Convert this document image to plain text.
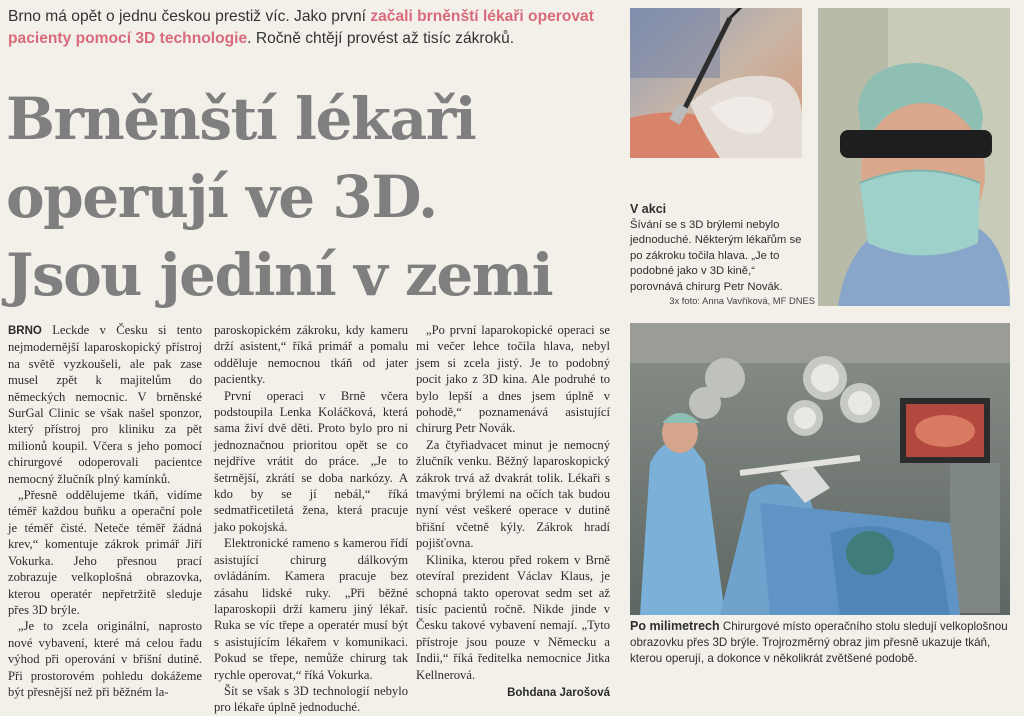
Brno má opět o jednu českou prestiž víc. Jako první začali brněnští lékaři operovat pacienty pomocí 3D technologie. Ročně chtějí provést až tisíc zákroků.
Brněnští lékaři
operují ve 3D.
Jsou jediní v zemi

BRNO Leckde v Česku si tento nejmodernější laparoskopický přístroj na světě vyzkoušeli, ale pak zase musel zpět k majitelům do německých nemocnic. V brněnské SurGal Clinic se však našel sponzor, který přístroj pro kliniku za pět milionů koupil. Včera s jeho pomocí chirurgové odoperovali pacientce nemocný žlučník plný kamínků.

„Přesně oddělujeme tkáň, vidíme téměř každou buňku a operační pole je téměř čisté. Neteče téměř žádná krev,“ komentuje zákrok primář Jiří Vokurka. Jeho přesnou prací zobrazuje velkoplošná obrazovka, kterou operatér nepřetržitě sleduje přes 3D brýle.

„Je to zcela originální, naprosto nové vybavení, které má celou řadu výhod při operování v břišní dutině. Při prostorovém pohledu dokážeme být přesnější než při běžném la-

paroskopickém zákroku, kdy kameru drží asistent,“ říká primář a pomalu odděluje nemocnou tkáň od jater pacientky.

První operaci v Brně včera podstoupila Lenka Koláčková, která sama živí dvě děti. Proto bylo pro ni jednoznačnou prioritou opět se co nejdříve vrátit do práce. „Je to šetrnější, zkrátí se doba narkózy. A kdo by se jí nebál,“ říká sedmatřicetiletá žena, která pracuje jako pokojská.

Elektronické rameno s kamerou řídí asistující chirurg dálkovým ovládáním. Kamera pracuje bez zásahu lidské ruky. „Při běžné laparoskopii drží kameru jiný lékař. Ruka se víc třepe a operatér musí být s asistujícím lékařem v komunikaci. Pokud se třepe, nemůže chirurg tak rychle operovat,“ říká Vokurka.

Šít se však s 3D technologií nebylo pro lékaře úplně jednoduché.

„Po první laparokopické operaci se mi večer lehce točila hlava, nebyl jsem si zcela jistý. Je to podobný pocit jako z 3D kina. Ale podruhé to bylo lepší a dnes jsem úplně v pohodě,“ poznamenává asistující chirurg Petr Novák.

Za čtyřiadvacet minut je nemocný žlučník venku. Běžný laparoskopický zákrok trvá až dvakrát tolik. Lékaři s tmavými brýlemi na očích tak budou nyní vést veškeré operace v dutině břišní včetně kýly. Zákrok hradí pojišťovna.

Klinika, kterou před rokem v Brně otevíral prezident Václav Klaus, je schopná takto operovat sedm set až tisíc pacientů ročně. Nikde jinde v Česku takové vybavení nemají. „Tyto přístroje jsou pouze v Německu a Indii,“ říká ředitelka nemocnice Jitka Kellnerová.

Bohdana Jarošová
V akci
Šívání se s 3D brýlemi nebylo jednoduché. Některým lékařům se po zákroku točila hlava. „Je to podobné jako v 3D kině,“ porovnává chirurg Petr Novák.
3x foto: Anna Vavříková, MF DNES
Po milimetrech Chirurgové místo operačního stolu sledují velkoplošnou obrazovku přes 3D brýle. Trojrozměrný obraz jim přesně ukazuje tkáň, kterou operují, a dokonce v několikrát zvětšené podobě.
